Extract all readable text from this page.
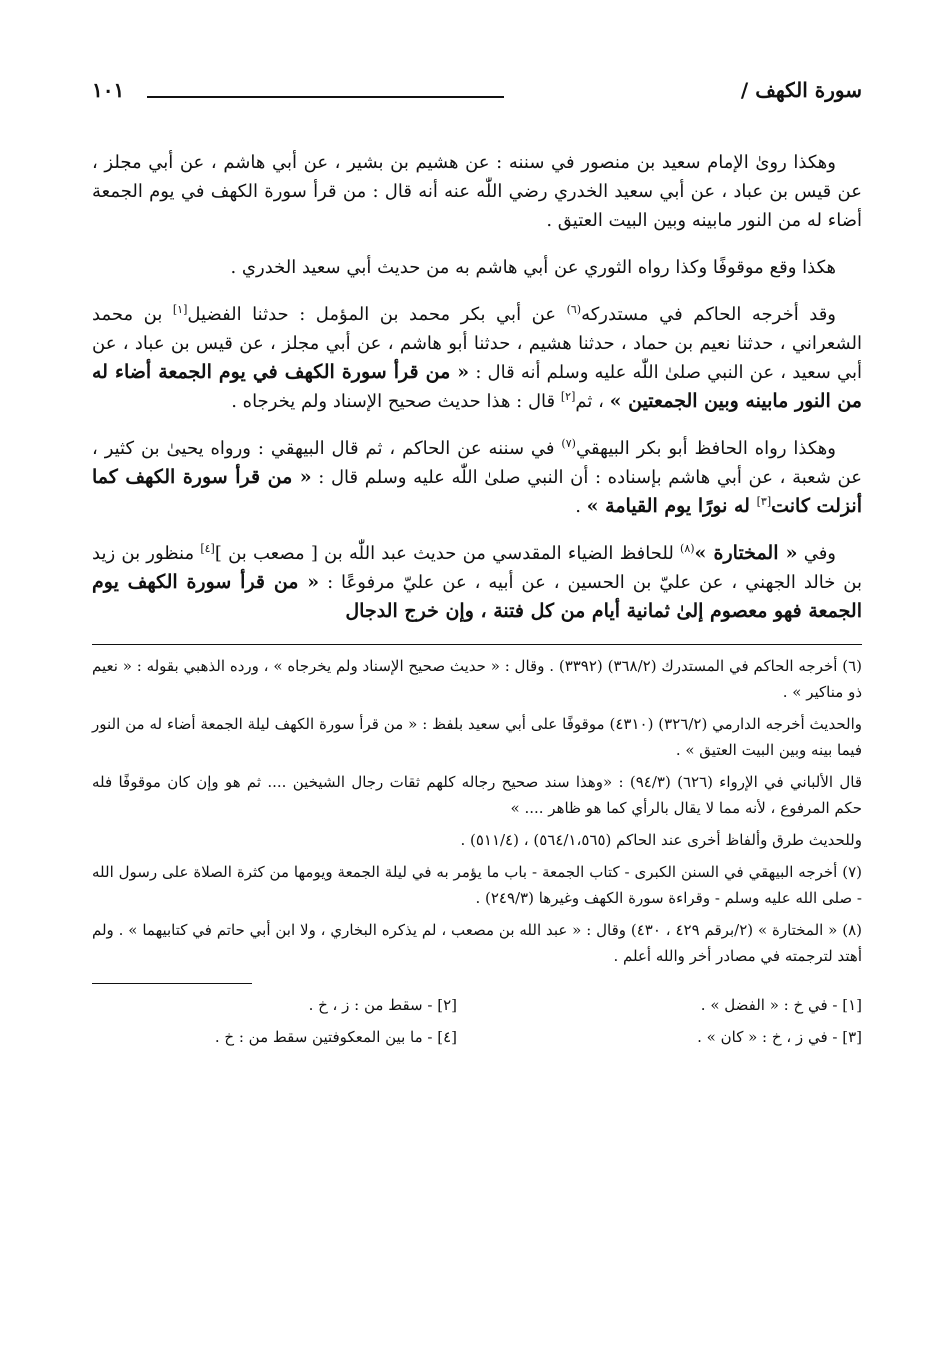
سورة الكهف /
١٠١

وهكذا روىٰ الإمام سعيد بن منصور في سننه : عن هشيم بن بشير ، عن أبي هاشم ، عن أبي مجلز ، عن قيس بن عباد ، عن أبي سعيد الخدري رضي اللّٰه عنه أنه قال : من قرأ سورة الكهف في يوم الجمعة أضاء له من النور مابينه وبين البيت العتيق .

هكذا وقع موقوفًا وكذا رواه الثوري عن أبي هاشم به من حديث أبي سعيد الخدري .

وقد أخرجه الحاكم في مستدركه$^{(٦)}$ عن أبي بكر محمد بن المؤمل : حدثنا الفضيل[١] بن محمد الشعراني ، حدثنا نعيم بن حماد ، حدثنا هشيم ، حدثنا أبو هاشم ، عن أبي مجلز ، عن قيس بن عباد ، عن أبي سعيد ، عن النبي صلىٰ اللّٰه عليه وسلم أنه قال : « من قرأ سورة الكهف في يوم الجمعة أضاء له من النور مابينه وبين الجمعتين » ، ثم[٢] قال : هذا حديث صحيح الإسناد ولم يخرجاه .

وهكذا رواه الحافظ أبو بكر البيهقي$^{(٧)}$ في سننه عن الحاكم ، ثم قال البيهقي : ورواه يحيىٰ بن كثير ، عن شعبة ، عن أبي هاشم بإسناده : أن النبي صلىٰ اللّٰه عليه وسلم قال : « من قرأ سورة الكهف كما أنزلت كانت[٣] له نورًا يوم القيامة » .

وفي « المختارة »$^{(٨)}$ للحافظ الضياء المقدسي من حديث عبد اللّٰه بن [ مصعب بن ][٤] منظور بن زيد بن خالد الجهني ، عن عليّ بن الحسين ، عن أبيه ، عن عليّ مرفوعًا : « من قرأ سورة الكهف يوم الجمعة فهو معصوم إلىٰ ثمانية أيام من كل فتنة ، وإن خرج الدجال

(٦) أخرجه الحاكم في المستدرك (٣٦٨/٢) (٣٣٩٢) . وقال : « حديث صحيح الإسناد ولم يخرجاه » ، ورده الذهبي بقوله : « نعيم ذو مناكير » .

والحديث أخرجه الدارمي (٣٢٦/٢) (٤٣١٠) موقوفًا على أبي سعيد بلفظ : « من قرأ سورة الكهف ليلة الجمعة أضاء له من النور فيما بينه وبين البيت العتيق » .

قال الألباني في الإرواء (٦٢٦) (٩٤/٣) : «وهذا سند صحيح رجاله كلهم ثقات رجال الشيخين .... ثم هو وإن كان موقوفًا فله حكم المرفوع ، لأنه مما لا يقال بالرأي كما هو ظاهر .... »

وللحديث طرق وألفاظ أخرى عند الحاكم (٥٦٤/١،٥٦٥) ، (٥١١/٤) .

(٧) أخرجه البيهقي في السنن الكبرى - كتاب الجمعة - باب ما يؤمر به في ليلة الجمعة ويومها من كثرة الصلاة على رسول الله - صلى الله عليه وسلم - وقراءة سورة الكهف وغيرها (٢٤٩/٣) .

(٨) « المختارة » (٢/برقم ٤٢٩ ، ٤٣٠) وقال : « عبد الله بن مصعب ، لم يذكره البخاري ، ولا ابن أبي حاتم في كتابيهما » . ولم أهتد لترجمته في مصادر أخر والله أعلم .

[١] - في خ : « الفضل » .
[٢] - سقط من : ز ، خ .
[٣] - في ز ، خ : « كان » .
[٤] - ما بين المعكوفتين سقط من : خ .
